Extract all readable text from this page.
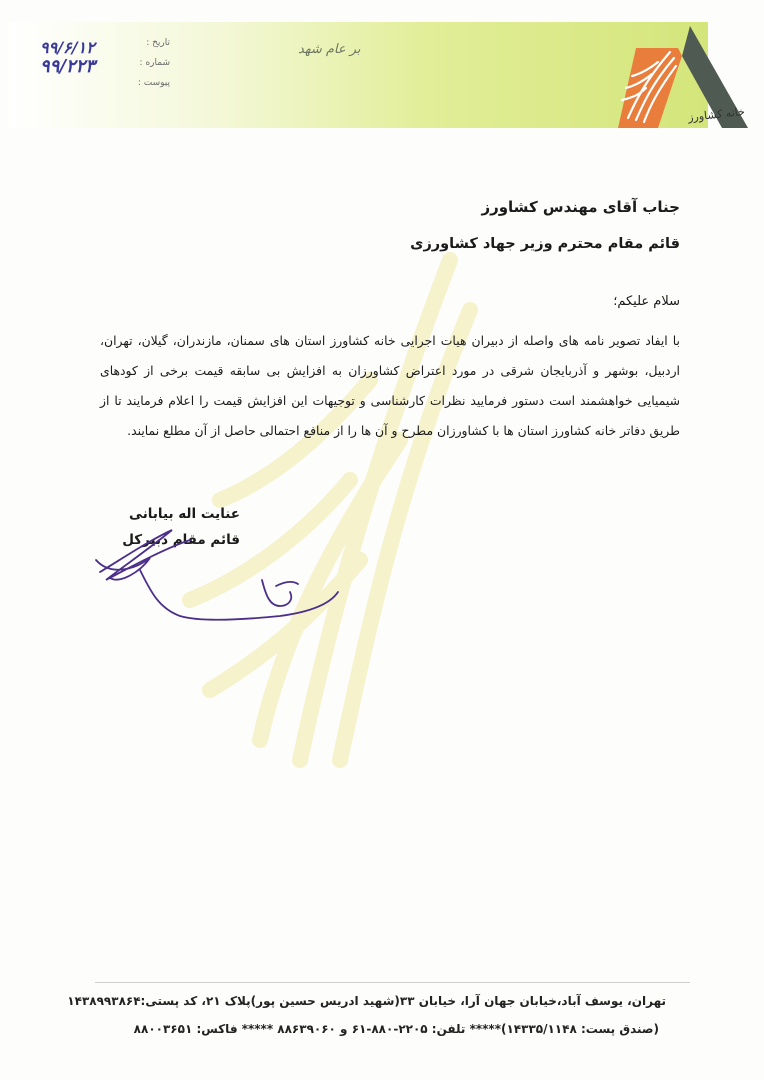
خانه کشاورز
تاریخ :
۹۹/۶/۱۲
شماره :
۹۹/۲۲۳
پیوست :
بر عام شهد
جناب آقای مهندس کشاورز
قائم مقام محترم وزیر جهاد کشاورزی
سلام علیکم؛
با ایفاد تصویر نامه های واصله از دبیران هیات اجرایی خانه کشاورز استان های سمنان، مازندران، گیلان، تهران، اردبیل، بوشهر و آذربایجان شرقی در مورد اعتراض کشاورزان به افزایش بی سابقه قیمت برخی از کودهای شیمیایی خواهشمند است دستور فرمایید نظرات کارشناسی و توجیهات این افزایش قیمت را اعلام فرمایند تا از طریق دفاتر خانه کشاورز استان ها با کشاورزان مطرح و آن ها را از منافع احتمالی حاصل از آن مطلع نمایند.
عنایت اله بیابانی
قائم مقام دبیرکل
تهران، یوسف آباد،خیابان جهان آرا، خیابان ۳۳(شهید ادریس حسین پور)پلاک ۲۱، کد پستی:۱۴۳۸۹۹۳۸۶۴
(صندق پست: ۱۴۳۳۵/۱۱۴۸)***** تلفن: ۲۲۰۵-۸۸۰-۶۱ و ۸۸۶۳۹۰۶۰ ***** فاکس: ۸۸۰۰۳۶۵۱
